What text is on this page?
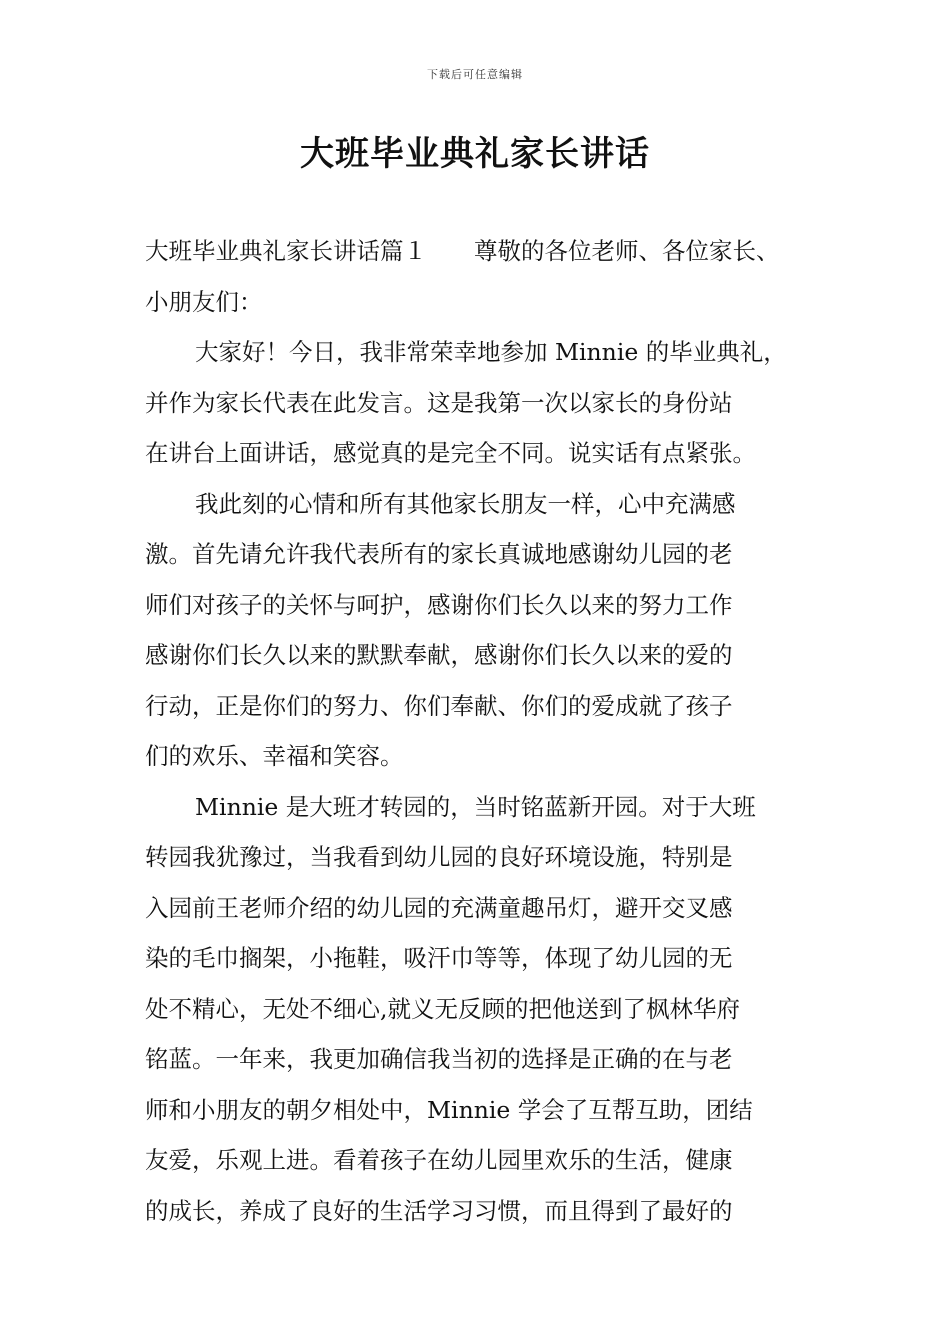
下载后可任意编辑
大班毕业典礼家长讲话
大班毕业典礼家长讲话篇１　　尊敬的各位老师、各位家长、
小朋友们：
大家好！今日，我非常荣幸地参加 Minnie 的毕业典礼，
并作为家长代表在此发言。这是我第一次以家长的身份站
在讲台上面讲话，感觉真的是完全不同。说实话有点紧张。
我此刻的心情和所有其他家长朋友一样，心中充满感
激。首先请允许我代表所有的家长真诚地感谢幼儿园的老
师们对孩子的关怀与呵护，感谢你们长久以来的努力工作
感谢你们长久以来的默默奉献，感谢你们长久以来的爱的
行动，正是你们的努力、你们奉献、你们的爱成就了孩子
们的欢乐、幸福和笑容。
Minnie 是大班才转园的，当时铭蓝新开园。对于大班
转园我犹豫过，当我看到幼儿园的良好环境设施，特别是
入园前王老师介绍的幼儿园的充满童趣吊灯，避开交叉感
染的毛巾搁架，小拖鞋，吸汗巾等等，体现了幼儿园的无
处不精心，无处不细心,就义无反顾的把他送到了枫林华府
铭蓝。一年来，我更加确信我当初的选择是正确的在与老
师和小朋友的朝夕相处中，Minnie 学会了互帮互助，团结
友爱，乐观上进。看着孩子在幼儿园里欢乐的生活，健康
的成长，养成了良好的生活学习习惯，而且得到了最好的
